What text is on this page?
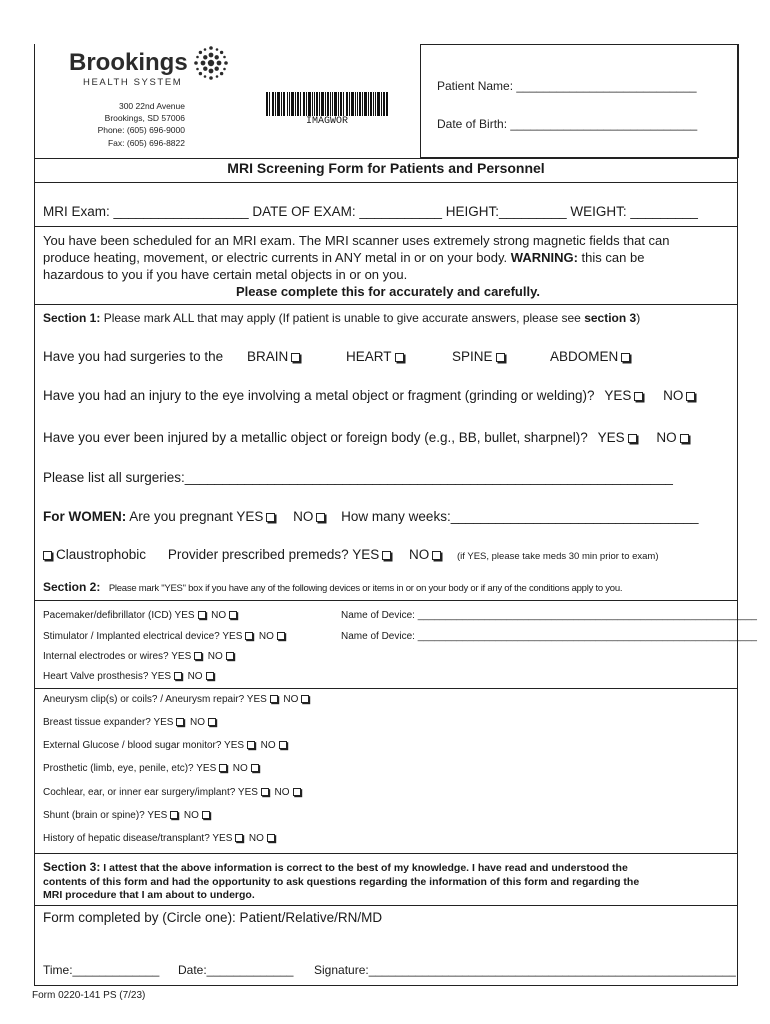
Brookings
HEALTH SYSTEM
300 22nd Avenue
Brookings, SD 57006
Phone: (605) 696-9000
Fax: (605) 696-8822
IMAGWOR
Patient Name: ___________________________
Date of Birth: ____________________________
MRI Screening Form for Patients and Personnel
MRI Exam: __________________ DATE OF EXAM: ___________ HEIGHT:_________ WEIGHT: _________
You have been scheduled for an MRI exam. The MRI scanner uses extremely strong magnetic fields that can
produce heating, movement, or electric currents in ANY metal in or on your body. WARNING: this can be
hazardous to you if you have certain metal objects in or on you.
Please complete this for accurately and carefully.
Section 1: Please mark ALL that may apply (If patient is unable to give accurate answers, please see section 3)
Have you had surgeries to the BRAIN	HEART	SPINE	ABDOMEN
Have you had an injury to the eye involving a metal object or fragment (grinding or welding)? YES NO
Have you ever been injured by a metallic object or foreign body (e.g., BB, bullet, sharpnel)? YES NO
Please list all surgeries:_________________________________________________________________
For WOMEN: Are you pregnant YES NO How many weeks:_________________________________
Claustrophobic Provider prescribed premeds? YES NO	(if YES, please take meds 30 min prior to exam)
Section 2: Please mark "YES" box if you have any of the following devices or items in or on your body or if any of the conditions apply to you.
Pacemaker/defibrillator (ICD) YES  NO	Name of Device: _____________________________________________________________
Stimulator / Implanted electrical device? YES  NO	Name of Device: _____________________________________________________________
Internal electrodes or wires? YES  NO
Heart Valve prosthesis? YES  NO
Aneurysm clip(s) or coils? / Aneurysm repair? YES  NO
Breast tissue expander? YES  NO
External Glucose / blood sugar monitor? YES  NO
Prosthetic (limb, eye, penile, etc)? YES  NO
Cochlear, ear, or inner ear surgery/implant? YES  NO
Shunt (brain or spine)? YES  NO
History of hepatic disease/transplant? YES  NO
Section 3: I attest that the above information is correct to the best of my knowledge. I have read and understood the
contents of this form and had the opportunity to ask questions regarding the information of this form and regarding the
MRI procedure that I am about to undergo.
Form completed by (Circle one): Patient/Relative/RN/MD
Time:_____________ Date:_____________ Signature:_______________________________________________________
Form 0220-141 PS (7/23)
